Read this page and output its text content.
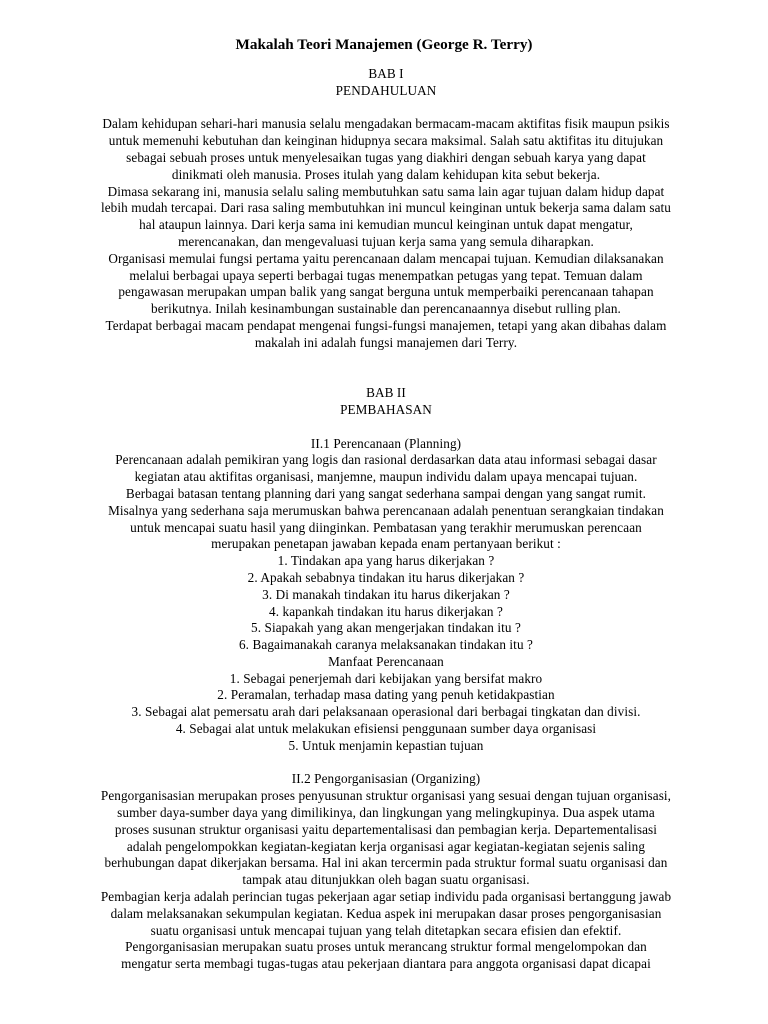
Makalah Teori Manajemen (George R. Terry)
BAB I
PENDAHULUAN
Dalam kehidupan sehari-hari manusia selalu mengadakan bermacam-macam aktifitas fisik maupun psikis
untuk memenuhi kebutuhan dan keinginan hidupnya secara maksimal. Salah satu aktifitas itu ditujukan
sebagai sebuah proses untuk menyelesaikan tugas yang diakhiri dengan sebuah karya yang dapat
dinikmati oleh manusia. Proses itulah yang dalam kehidupan kita sebut bekerja.
Dimasa sekarang ini, manusia selalu saling membutuhkan satu sama lain agar tujuan dalam hidup dapat
lebih mudah tercapai. Dari rasa saling membutuhkan ini muncul keinginan untuk bekerja sama dalam satu
hal ataupun lainnya. Dari kerja sama ini kemudian muncul keinginan untuk dapat mengatur,
merencanakan, dan mengevaluasi tujuan kerja sama yang semula diharapkan.
Organisasi memulai fungsi pertama yaitu perencanaan dalam mencapai tujuan. Kemudian dilaksanakan
melalui berbagai upaya seperti berbagai tugas menempatkan petugas yang tepat. Temuan dalam
pengawasan merupakan umpan balik yang sangat berguna untuk memperbaiki perencanaan tahapan
berikutnya. Inilah kesinambungan sustainable dan perencanaannya disebut rulling plan.
Terdapat berbagai macam pendapat mengenai fungsi-fungsi manajemen, tetapi yang akan dibahas dalam
makalah ini adalah fungsi manajemen dari Terry.
BAB II
PEMBAHASAN
II.1 Perencanaan (Planning)
Perencanaan adalah pemikiran yang logis dan rasional derdasarkan data atau informasi sebagai dasar
kegiatan atau aktifitas organisasi, manjemne, maupun individu dalam upaya mencapai tujuan.
Berbagai batasan tentang planning dari yang sangat sederhana sampai dengan yang sangat rumit.
Misalnya yang sederhana saja merumuskan bahwa perencanaan adalah penentuan serangkaian tindakan
untuk mencapai suatu hasil yang diinginkan. Pembatasan yang terakhir merumuskan perencaan
merupakan penetapan jawaban kepada enam pertanyaan berikut :
1. Tindakan apa yang harus dikerjakan ?
2. Apakah sebabnya tindakan itu harus dikerjakan ?
3. Di manakah tindakan itu harus dikerjakan ?
4. kapankah tindakan itu harus dikerjakan ?
5. Siapakah yang akan mengerjakan tindakan itu ?
6. Bagaimanakah caranya melaksanakan tindakan itu ?
Manfaat Perencanaan
1. Sebagai penerjemah dari kebijakan yang bersifat makro
2. Peramalan, terhadap masa dating yang penuh ketidakpastian
3. Sebagai alat pemersatu arah dari pelaksanaan operasional dari berbagai tingkatan dan divisi.
4. Sebagai alat untuk melakukan efisiensi penggunaan sumber daya organisasi
5. Untuk menjamin kepastian tujuan
II.2 Pengorganisasian (Organizing)
Pengorganisasian merupakan proses penyusunan struktur organisasi yang sesuai dengan tujuan organisasi,
sumber daya-sumber daya yang dimilikinya, dan lingkungan yang melingkupinya. Dua aspek utama
proses susunan struktur organisasi yaitu departementalisasi dan pembagian kerja. Departementalisasi
adalah pengelompokkan kegiatan-kegiatan kerja organisasi agar kegiatan-kegiatan sejenis saling
berhubungan dapat dikerjakan bersama. Hal ini akan tercermin pada struktur formal suatu organisasi dan
tampak atau ditunjukkan oleh bagan suatu organisasi.
Pembagian kerja adalah perincian tugas pekerjaan agar setiap individu pada organisasi bertanggung jawab
dalam melaksanakan sekumpulan kegiatan. Kedua aspek ini merupakan dasar proses pengorganisasian
suatu organisasi untuk mencapai tujuan yang telah ditetapkan secara efisien dan efektif.
Pengorganisasian merupakan suatu proses untuk merancang struktur formal mengelompokan dan
mengatur serta membagi tugas-tugas atau pekerjaan diantara para anggota organisasi dapat dicapai
